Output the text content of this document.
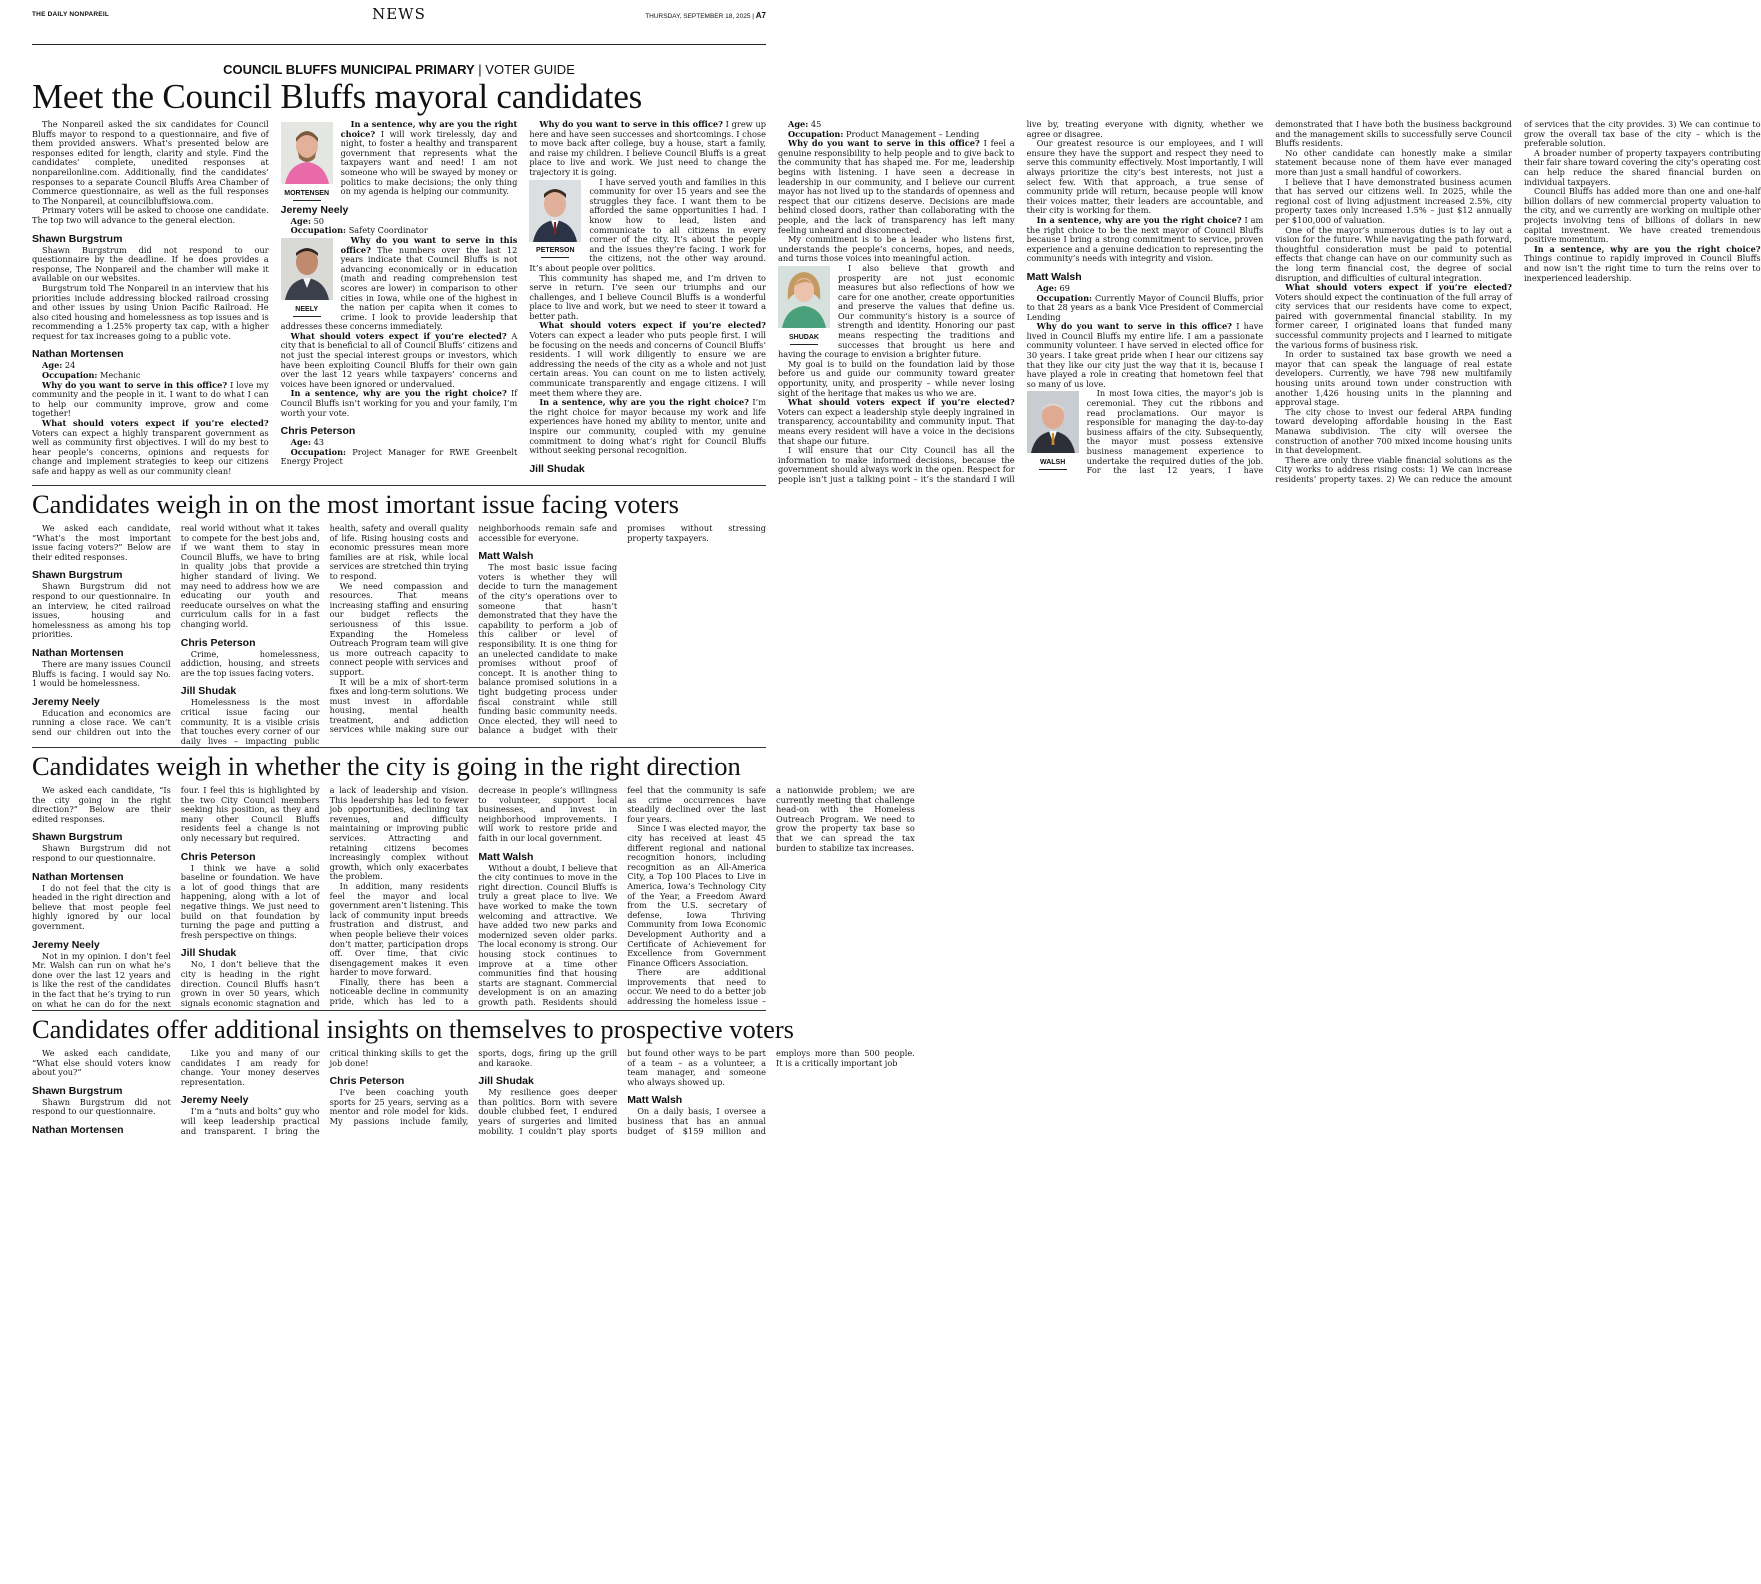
THE DAILY NONPAREIL	NEWS	THURSDAY, SEPTEMBER 18, 2025 | A7
COUNCIL BLUFFS MUNICIPAL PRIMARY | VOTER GUIDE
Meet the Council Bluffs mayoral candidates

The Nonpareil asked the six candidates for Council Bluffs mayor to respond to a questionnaire, and five of them provided answers. What’s presented below are responses edited for length, clarity and style. Find the candidates’ complete, unedited responses at nonpareilonline.com. Additionally, find the candidates’ responses to a separate Council Bluffs Area Chamber of Commerce questionnaire, as well as the full responses to The Nonpareil, at councilbluffsiowa.com.

Primary voters will be asked to choose one candidate. The top two will advance to the general election.

Shawn Burgstrum

Shawn Burgstrum did not respond to our questionnaire by the deadline. If he does provides a response, The Nonpareil and the chamber will make it available on our websites.

Burgstrum told The Nonpareil in an interview that his priorities include addressing blocked railroad crossing and other issues by using Union Pacific Railroad. He also cited housing and homelessness as top issues and is recommending a 1.25% property tax cap, with a higher request for tax increases going to a public vote.

Nathan Mortensen

Age: 24

Occupation: Mechanic

Why do you want to serve in this office? I love my community and the people in it. I want to do what I can to help our community improve, grow and come together!

MORTENSEN

What should voters expect if you’re elected? Voters can expect a highly transparent government as well as community first objectives. I will do my best to hear people’s concerns, opinions and requests for change and implement strategies to keep our citizens safe and happy as well as our community clean!

In a sentence, why are you the right choice? I will work tirelessly, day and night, to foster a healthy and transparent government that represents what the taxpayers want and need! I am not someone who will be swayed by money or politics to make decisions; the only thing on my agenda is helping our community.

Jeremy Neely

Age: 50

Occupation: Safety Coordinator

NEELY

Why do you want to serve in this office? The numbers over the last 12 years indicate that Council Bluffs is not advancing economically or in education (math and reading comprehension test scores are lower) in comparison to other cities in Iowa, while one of the highest in the nation per capita when it comes to crime. I look to provide leadership that addresses these concerns immediately.

What should voters expect if you’re elected? A city that is beneficial to all of Council Bluffs’ citizens and not just the special interest groups or investors, which have been exploiting Council Bluffs for their own gain over the last 12 years while taxpayers’ concerns and voices have been ignored or undervalued.

In a sentence, why are you the right choice? If Council Bluffs isn’t working for you and your family, I’m worth your vote.

Chris Peterson

Age: 43

Occupation: Project Manager for RWE Greenbelt Energy Project

Why do you want to serve in this office? I grew up here and have seen successes and shortcomings. I chose to move back after college, buy a house, start a family, and raise my children. I believe Council Bluffs is a great place to live and work. We just need to change the trajectory it is going.

PETERSON

I have served youth and families in this community for over 15 years and see the struggles they face. I want them to be afforded the same opportunities I had. I know how to lead, listen and communicate to all citizens in every corner of the city. It’s about the people and the issues they’re facing. I work for the citizens, not the other way around. It’s about people over politics.

This community has shaped me, and I’m driven to serve in return. I’ve seen our triumphs and our challenges, and I believe Council Bluffs is a wonderful place to live and work, but we need to steer it toward a better path.

What should voters expect if you’re elected? Voters can expect a leader who puts people first. I will be focusing on the needs and concerns of Council Bluffs’ residents. I will work diligently to ensure we are addressing the needs of the city as a whole and not just certain areas. You can count on me to listen actively, communicate transparently and engage citizens. I will meet them where they are.

In a sentence, why are you the right choice? I’m the right choice for mayor because my work and life experiences have honed my ability to mentor, unite and inspire our community, coupled with my genuine commitment to doing what’s right for Council Bluffs without seeking personal recognition.

Jill Shudak

Age: 45

Occupation: Product Management – Lending

Why do you want to serve in this office? I feel a genuine responsibility to help people and to give back to the community that has shaped me. For me, leadership begins with listening. I have seen a decrease in leadership in our community, and I believe our current mayor has not lived up to the standards of openness and respect that our citizens deserve. Decisions are made behind closed doors, rather than collaborating with the people, and the lack of transparency has left many feeling unheard and disconnected.

My commitment is to be a leader who listens first, understands the people’s concerns, hopes, and needs, and turns those voices into meaningful action.

SHUDAK

I also believe that growth and prosperity are not just economic measures but also reflections of how we care for one another, create opportunities and preserve the values that define us. Our community’s history is a source of strength and identity. Honoring our past means respecting the traditions and successes that brought us here and having the courage to envision a brighter future.

My goal is to build on the foundation laid by those before us and guide our community toward greater opportunity, unity, and prosperity – while never losing sight of the heritage that makes us who we are.

What should voters expect if you’re elected? Voters can expect a leadership style deeply ingrained in transparency, accountability and community input. That means every resident will have a voice in the decisions that shape our future.

I will ensure that our City Council has all the information to make informed decisions, because the government should always work in the open. Respect for people isn’t just a talking point – it’s the standard I will live by, treating everyone with dignity, whether we agree or disagree.

Our greatest resource is our employees, and I will ensure they have the support and respect they need to serve this community effectively. Most importantly, I will always prioritize the city’s best interests, not just a select few. With that approach, a true sense of community pride will return, because people will know their voices matter, their leaders are accountable, and their city is working for them.

In a sentence, why are you the right choice? I am the right choice to be the next mayor of Council Bluffs because I bring a strong commitment to service, proven experience and a genuine dedication to representing the community’s needs with integrity and vision.

Matt Walsh

Age: 69

Occupation: Currently Mayor of Council Bluffs, prior to that 28 years as a bank Vice President of Commercial Lending

Why do you want to serve in this office? I have lived in Council Bluffs my entire life. I am a passionate community volunteer. I have served in elected office for 30 years. I take great pride when I hear our citizens say that they like our city just the way that it is, because I have played a role in creating that hometown feel that so many of us love.

WALSH

In most Iowa cities, the mayor’s job is ceremonial. They cut the ribbons and read proclamations. Our mayor is responsible for managing the day-to-day business affairs of the city. Subsequently, the mayor must possess extensive business management experience to undertake the required duties of the job. For the last 12 years, I have demonstrated that I have both the business background and the management skills to successfully serve Council Bluffs residents.

No other candidate can honestly make a similar statement because none of them have ever managed more than just a small handful of coworkers.

I believe that I have demonstrated business acumen that has served our citizens well. In 2025, while the regional cost of living adjustment increased 2.5%, city property taxes only increased 1.5% – just $12 annually per $100,000 of valuation.

One of the mayor’s numerous duties is to lay out a vision for the future. While navigating the path forward, thoughtful consideration must be paid to potential effects that change can have on our community such as the long term financial cost, the degree of social disruption, and difficulties of cultural integration.

What should voters expect if you’re elected? Voters should expect the continuation of the full array of city services that our residents have come to expect, paired with governmental financial stability. In my former career, I originated loans that funded many successful community projects and I learned to mitigate the various forms of business risk.

In order to sustained tax base growth we need a mayor that can speak the language of real estate developers. Currently, we have 798 new multifamily housing units around town under construction with another 1,426 housing units in the planning and approval stage.

The city chose to invest our federal ARPA funding toward developing affordable housing in the East Manawa subdivision. The city will oversee the construction of another 700 mixed income housing units in that development.

There are only three viable financial solutions as the City works to address rising costs: 1) We can increase residents’ property taxes. 2) We can reduce the amount of services that the city provides. 3) We can continue to grow the overall tax base of the city – which is the preferable solution.

A broader number of property taxpayers contributing their fair share toward covering the city’s operating cost can help reduce the shared financial burden on individual taxpayers.

Council Bluffs has added more than one and one-half billion dollars of new commercial property valuation to the city, and we currently are working on multiple other projects involving tens of billions of dollars in new capital investment. We have created tremendous positive momentum.

In a sentence, why are you the right choice? Things continue to rapidly improved in Council Bluffs and now isn’t the right time to turn the reins over to inexperienced leadership.

Candidates weigh in on the most imortant issue facing voters

We asked each candidate, “What’s the most important issue facing voters?” Below are their edited responses.

Shawn Burgstrum

Shawn Burgstrum did not respond to our questionnaire. In an interview, he cited railroad issues, housing and homelessness as among his top priorities.

Nathan Mortensen

There are many issues Council Bluffs is facing. I would say No. 1 would be homelessness.

Jeremy Neely

Education and economics are running a close race. We can’t send our children out into the real world without what it takes to compete for the best jobs and, if we want them to stay in Council Bluffs, we have to bring in quality jobs that provide a higher standard of living. We may need to address how we are educating our youth and reeducate ourselves on what the curriculum calls for in a fast changing world.

Chris Peterson

Crime, homelessness, addiction, housing, and streets are the top issues facing voters.

Jill Shudak

Homelessness is the most critical issue facing our community. It is a visible crisis that touches every corner of our daily lives – impacting public health, safety and overall quality of life. Rising housing costs and economic pressures mean more families are at risk, while local services are stretched thin trying to respond.

We need compassion and resources. That means increasing staffing and ensuring our budget reflects the seriousness of this issue. Expanding the Homeless Outreach Program team will give us more outreach capacity to connect people with services and support.

It will be a mix of short-term fixes and long-term solutions. We must invest in affordable housing, mental health treatment, and addiction services while making sure our neighborhoods remain safe and accessible for everyone.

Matt Walsh

The most basic issue facing voters is whether they will decide to turn the management of the city’s operations over to someone that hasn’t demonstrated that they have the capability to perform a job of this caliber or level of responsibility. It is one thing for an unelected candidate to make promises without proof of concept. It is another thing to balance promised solutions in a tight budgeting process under fiscal constraint while still funding basic community needs. Once elected, they will need to balance a budget with their promises without stressing property taxpayers.

Candidates weigh in whether the city is going in the right direction

We asked each candidate, “Is the city going in the right direction?” Below are their edited responses.

Shawn Burgstrum

Shawn Burgstrum did not respond to our questionnaire.

Nathan Mortensen

I do not feel that the city is headed in the right direction and believe that most people feel highly ignored by our local government.

Jeremy Neely

Not in my opinion. I don’t feel Mr. Walsh can run on what he’s done over the last 12 years and is like the rest of the candidates in the fact that he’s trying to run on what he can do for the next four. I feel this is highlighted by the two City Council members seeking his position, as they and many other Council Bluffs residents feel a change is not only necessary but required.

Chris Peterson

I think we have a solid baseline or foundation. We have a lot of good things that are happening, along with a lot of negative things. We just need to build on that foundation by turning the page and putting a fresh perspective on things.

Jill Shudak

No, I don’t believe that the city is heading in the right direction. Council Bluffs hasn’t grown in over 50 years, which signals economic stagnation and a lack of leadership and vision. This leadership has led to fewer job opportunities, declining tax revenues, and difficulty maintaining or improving public services. Attracting and retaining citizens becomes increasingly complex without growth, which only exacerbates the problem.

In addition, many residents feel the mayor and local government aren’t listening. This lack of community input breeds frustration and distrust, and when people believe their voices don’t matter, participation drops off. Over time, that civic disengagement makes it even harder to move forward.

Finally, there has been a noticeable decline in community pride, which has led to a decrease in people’s willingness to volunteer, support local businesses, and invest in neighborhood improvements. I will work to restore pride and faith in our local government.

Matt Walsh

Without a doubt, I believe that the city continues to move in the right direction. Council Bluffs is truly a great place to live. We have worked to make the town welcoming and attractive. We have added two new parks and modernized seven older parks. The local economy is strong. Our housing stock continues to improve at a time other communities find that housing starts are stagnant. Commercial development is on an amazing growth path. Residents should feel that the community is safe as crime occurrences have steadily declined over the last four years.

Since I was elected mayor, the city has received at least 45 different regional and national recognition honors, including recognition as an All-America City, a Top 100 Places to Live in America, Iowa’s Technology City of the Year, a Freedom Award from the U.S. secretary of defense, Iowa Thriving Community from Iowa Economic Development Authority and a Certificate of Achievement for Excellence from Government Finance Officers Association.

There are additional improvements that need to occur. We need to do a better job addressing the homeless issue – a nationwide problem; we are currently meeting that challenge head-on with the Homeless Outreach Program. We need to grow the property tax base so that we can spread the tax burden to stabilize tax increases.

Candidates offer additional insights on themselves to prospective voters

We asked each candidate, “What else should voters know about you?”

Shawn Burgstrum

Shawn Burgstrum did not respond to our questionnaire.

Nathan Mortensen

Like you and many of our candidates I am ready for change. Your money deserves representation.

Jeremy Neely

I’m a “nuts and bolts” guy who will keep leadership practical and transparent. I bring the critical thinking skills to get the job done!

Chris Peterson

I’ve been coaching youth sports for 25 years, serving as a mentor and role model for kids. My passions include family, sports, dogs, firing up the grill and karaoke.

Jill Shudak

My resilience goes deeper than politics. Born with severe double clubbed feet, I endured years of surgeries and limited mobility. I couldn’t play sports but found other ways to be part of a team – as a volunteer, a team manager, and someone who always showed up.

Matt Walsh

On a daily basis, I oversee a business that has an annual budget of $159 million and employs more than 500 people. It is a critically important job
